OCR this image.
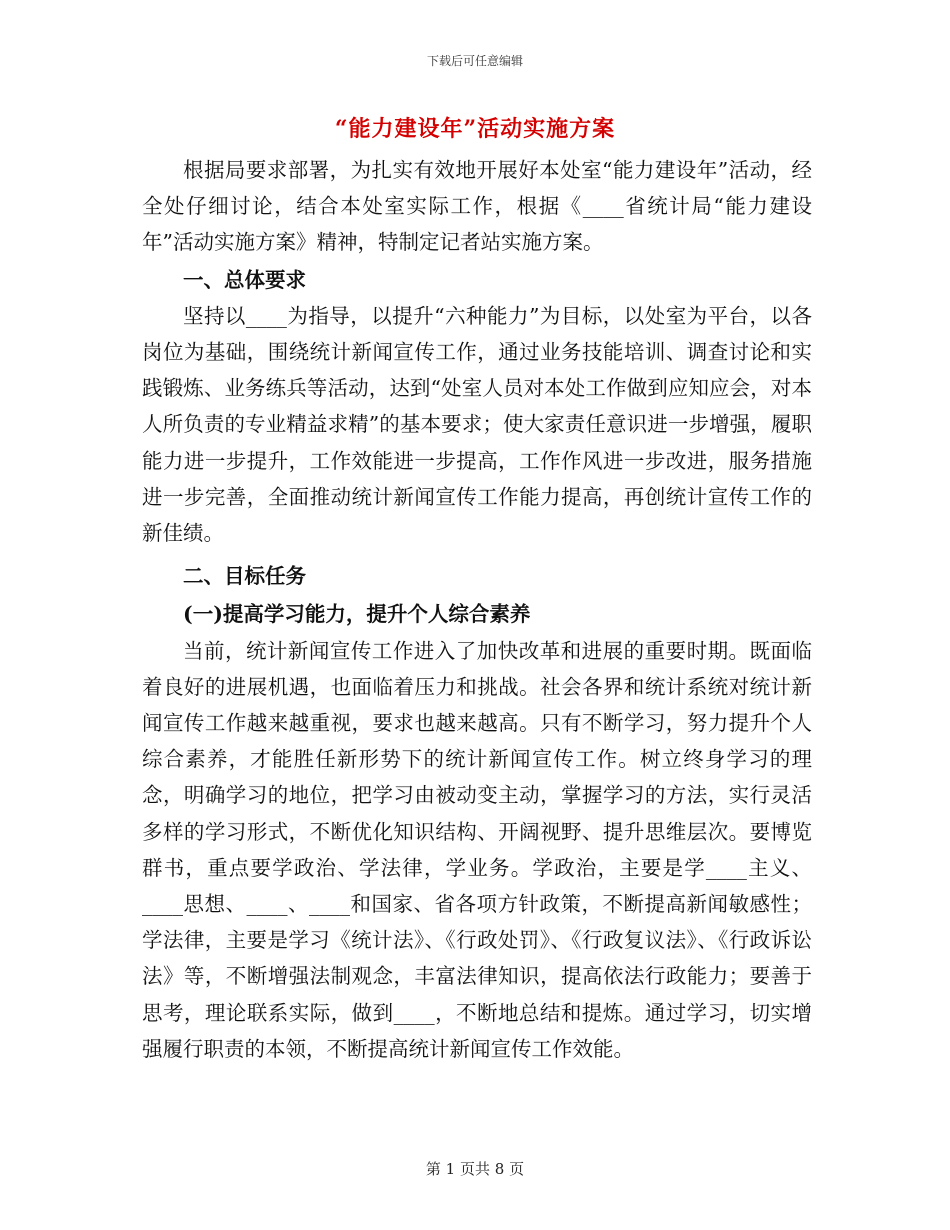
下载后可任意编辑
“能力建设年”活动实施方案

根据局要求部署，为扎实有效地开展好本处室“能力建设年”活动，经全处仔细讨论，结合本处室实际工作，根据《____省统计局“能力建设年”活动实施方案》精神，特制定记者站实施方案。

一、总体要求

坚持以____为指导，以提升“六种能力”为目标，以处室为平台，以各岗位为基础，围绕统计新闻宣传工作，通过业务技能培训、调查讨论和实践锻炼、业务练兵等活动，达到“处室人员对本处工作做到应知应会，对本人所负责的专业精益求精”的基本要求；使大家责任意识进一步增强，履职能力进一步提升，工作效能进一步提高，工作作风进一步改进，服务措施进一步完善，全面推动统计新闻宣传工作能力提高，再创统计宣传工作的新佳绩。

二、目标任务
(一)提高学习能力，提升个人综合素养

当前，统计新闻宣传工作进入了加快改革和进展的重要时期。既面临着良好的进展机遇，也面临着压力和挑战。社会各界和统计系统对统计新闻宣传工作越来越重视，要求也越来越高。只有不断学习，努力提升个人综合素养，才能胜任新形势下的统计新闻宣传工作。树立终身学习的理念，明确学习的地位，把学习由被动变主动，掌握学习的方法，实行灵活多样的学习形式，不断优化知识结构、开阔视野、提升思维层次。要博览群书，重点要学政治、学法律，学业务。学政治，主要是学____主义、____思想、____、____和国家、省各项方针政策，不断提高新闻敏感性；学法律，主要是学习《统计法》、《行政处罚》、《行政复议法》、《行政诉讼法》等，不断增强法制观念，丰富法律知识，提高依法行政能力；要善于思考，理论联系实际，做到____，不断地总结和提炼。通过学习，切实增强履行职责的本领，不断提高统计新闻宣传工作效能。

第 1 页共 8 页
